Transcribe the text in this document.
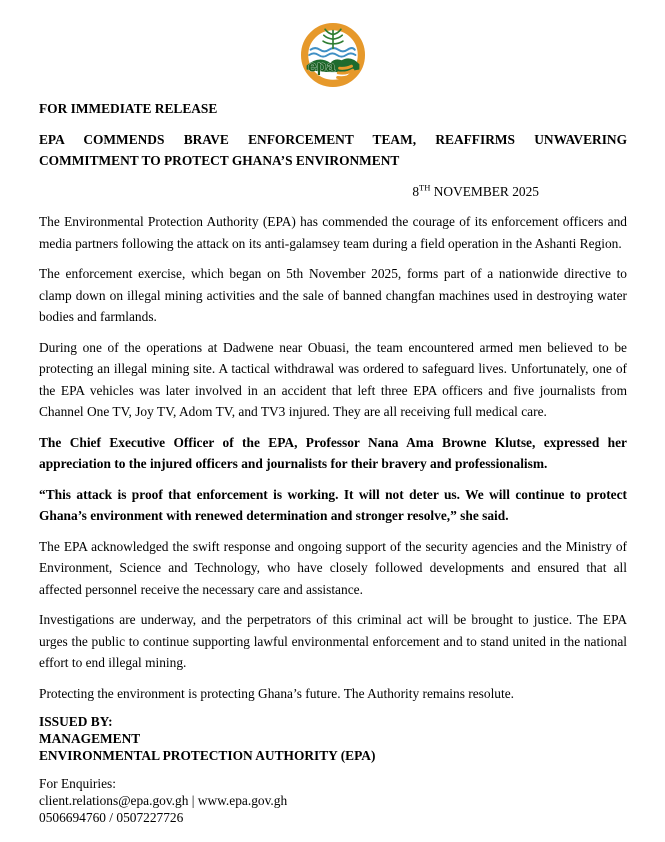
epa
FOR IMMEDIATE RELEASE
EPA COMMENDS BRAVE ENFORCEMENT TEAM, REAFFIRMS UNWAVERING COMMITMENT TO PROTECT GHANA’S ENVIRONMENT
8TH NOVEMBER 2025

The Environmental Protection Authority (EPA) has commended the courage of its enforcement officers and media partners following the attack on its anti-galamsey team during a field operation in the Ashanti Region.

The enforcement exercise, which began on 5th November 2025, forms part of a nationwide directive to clamp down on illegal mining activities and the sale of banned changfan machines used in destroying water bodies and farmlands.

During one of the operations at Dadwene near Obuasi, the team encountered armed men believed to be protecting an illegal mining site. A tactical withdrawal was ordered to safeguard lives. Unfortunately, one of the EPA vehicles was later involved in an accident that left three EPA officers and five journalists from Channel One TV, Joy TV, Adom TV, and TV3 injured. They are all receiving full medical care.

The Chief Executive Officer of the EPA, Professor Nana Ama Browne Klutse, expressed her appreciation to the injured officers and journalists for their bravery and professionalism.

“This attack is proof that enforcement is working. It will not deter us. We will continue to protect Ghana’s environment with renewed determination and stronger resolve,” she said.

The EPA acknowledged the swift response and ongoing support of the security agencies and the Ministry of Environment, Science and Technology, who have closely followed developments and ensured that all affected personnel receive the necessary care and assistance.

Investigations are underway, and the perpetrators of this criminal act will be brought to justice. The EPA urges the public to continue supporting lawful environmental enforcement and to stand united in the national effort to end illegal mining.

Protecting the environment is protecting Ghana’s future. The Authority remains resolute.

ISSUED BY:
MANAGEMENT
ENVIRONMENTAL PROTECTION AUTHORITY (EPA)
For Enquiries:
client.relations@epa.gov.gh | www.epa.gov.gh
0506694760 / 0507227726
